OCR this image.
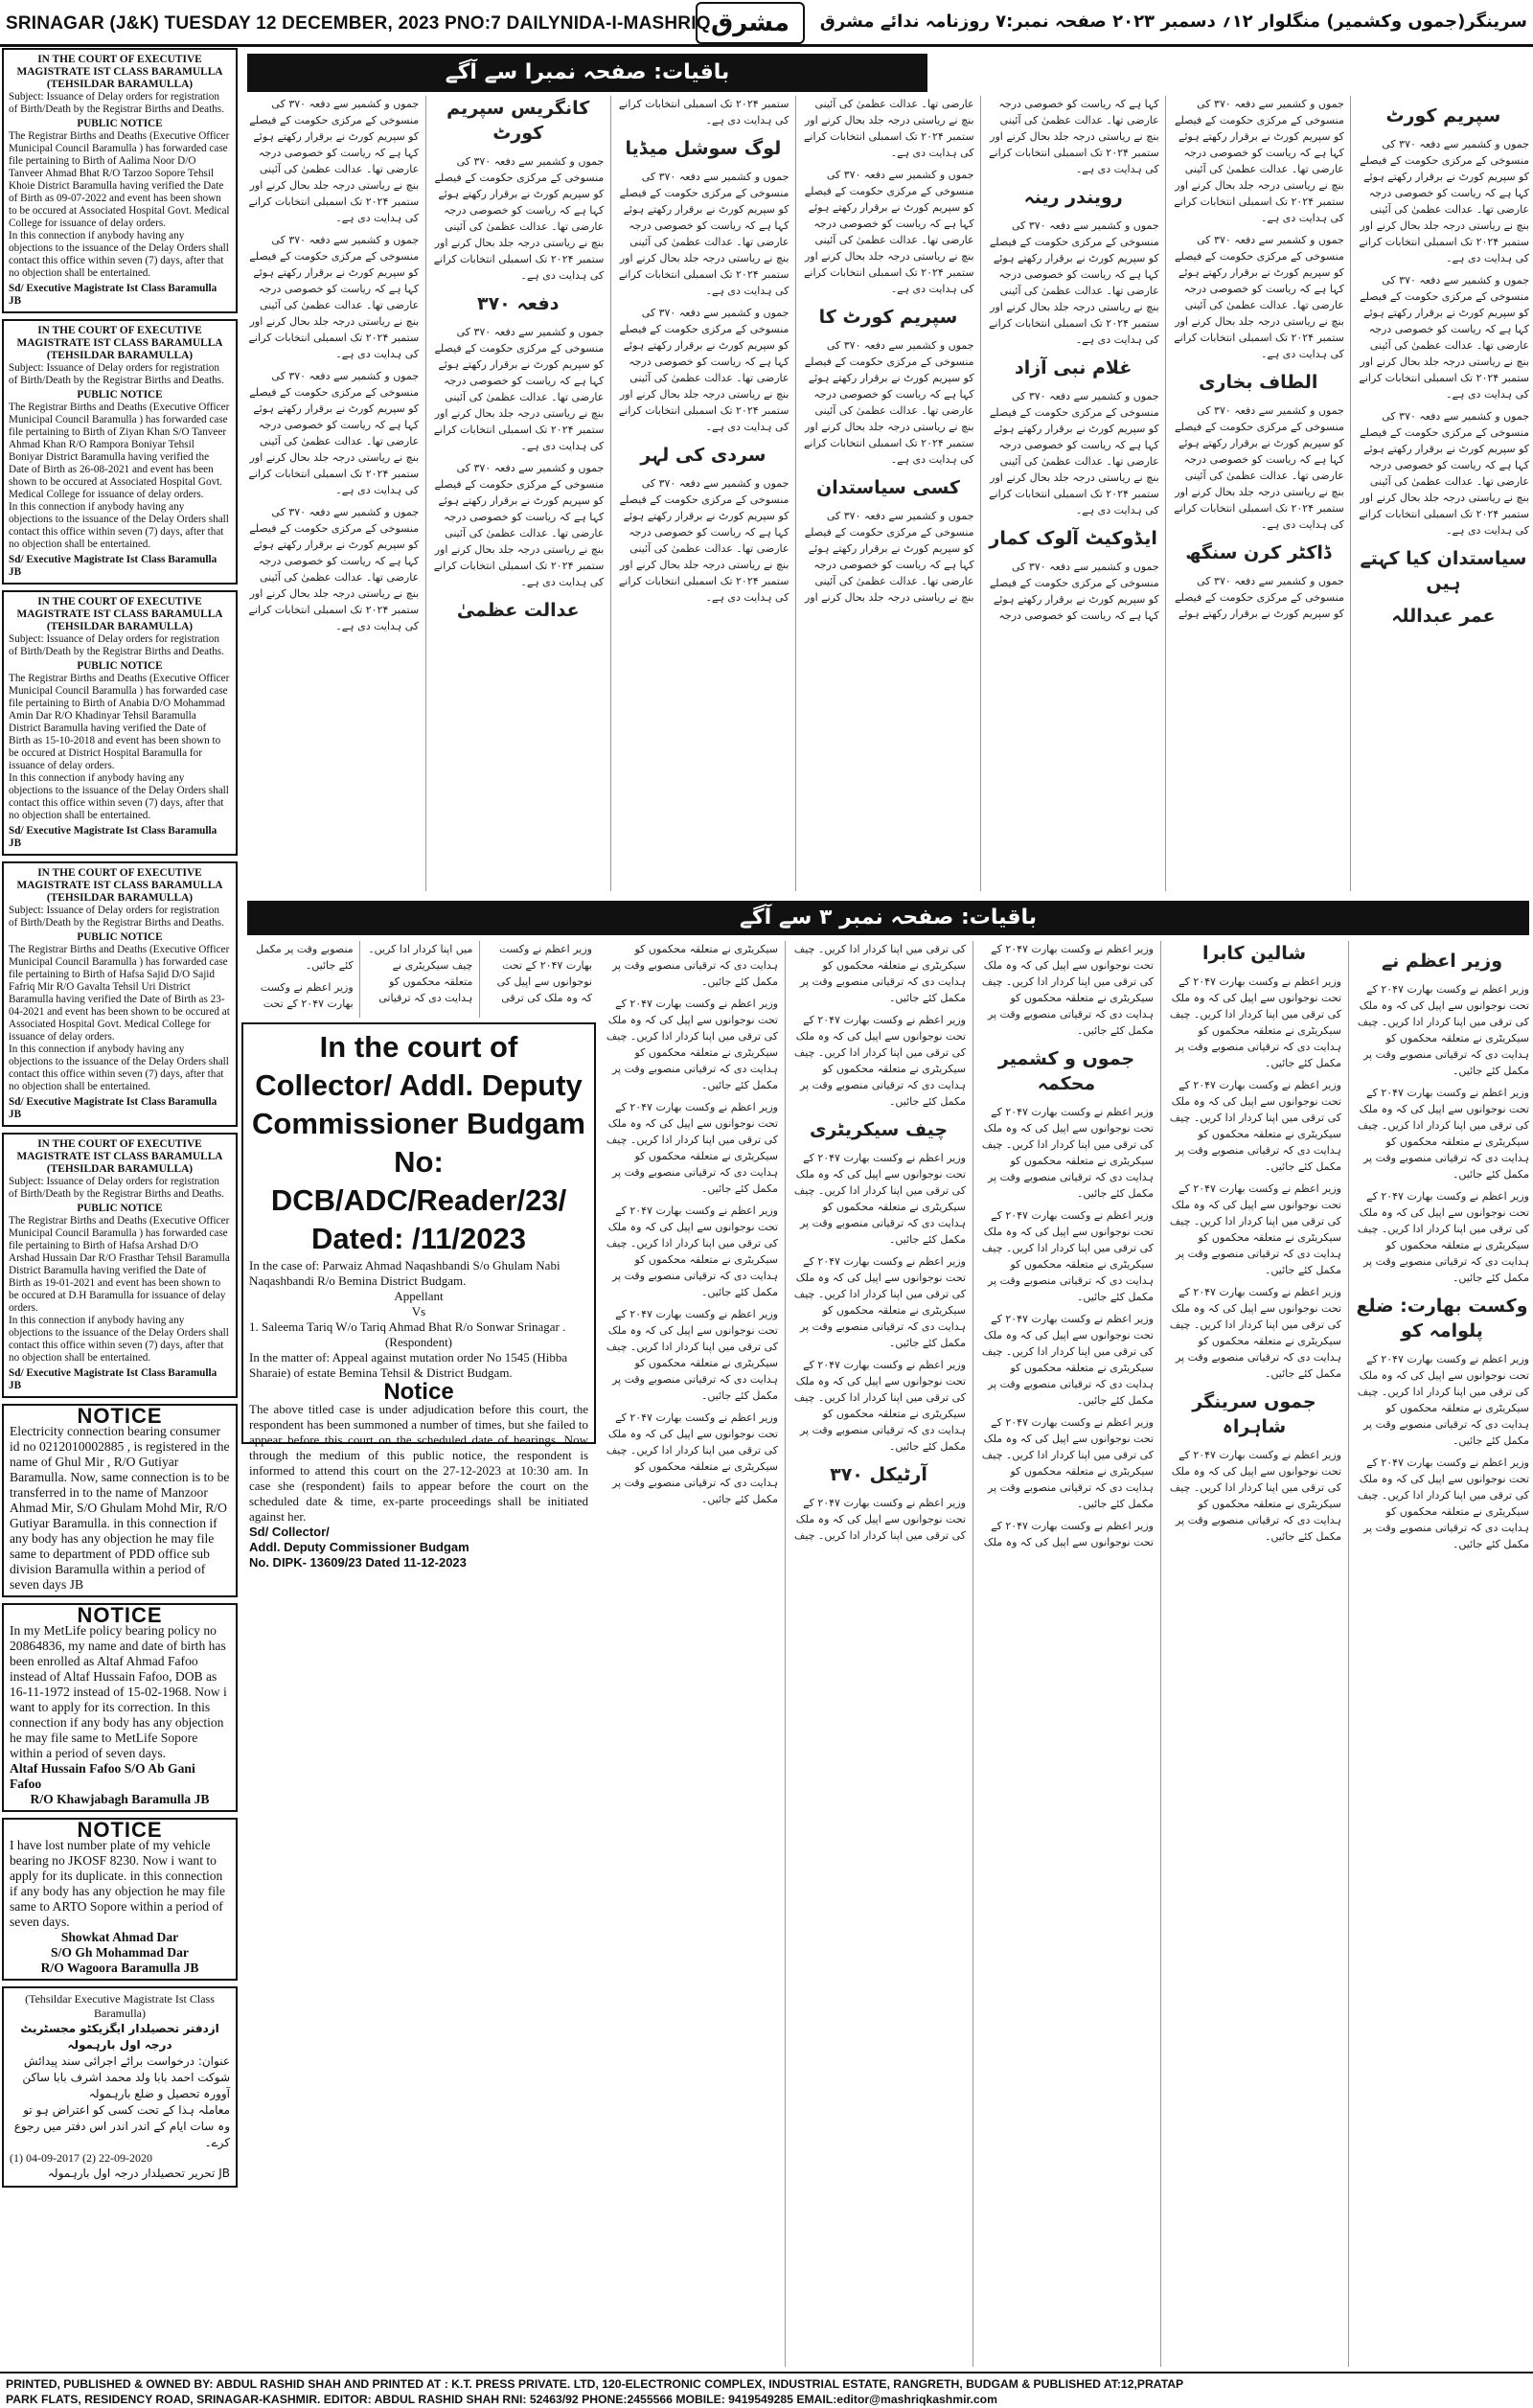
SRINAGAR (J&K) TUESDAY 12 DECEMBER, 2023 PNO:7 DAILYNIDA-I-MASHRIQ مشرق	سرینگر(جموں وکشمیر) منگلوار ۱۲؍ دسمبر ۲۰۲۳ صفحہ نمبر:۷ روزنامہ ندائے مشرق
IN THE COURT OF EXECUTIVE MAGISTRATE IST CLASS BARAMULLA (TEHSILDAR BARAMULLA)
Subject: Issuance of Delay orders for registration of Birth/Death by the Registrar Births and Deaths.
PUBLIC NOTICE
The Registrar Births and Deaths (Executive Officer Municipal Council Baramulla ) has forwarded case file pertaining to Birth of Aalima Noor D/O Tanveer Ahmad Bhat R/O Tarzoo Sopore Tehsil Khoie District Baramulla having verified the Date of Birth as 09-07-2022 and event has been shown to be occured at Associated Hospital Govt. Medical College for issuance of delay orders.
In this connection if anybody having any objections to the issuance of the Delay Orders shall contact this office within seven (7) days, after that no objection shall be entertained.
Sd/ Executive Magistrate Ist Class Baramulla JB
IN THE COURT OF EXECUTIVE MAGISTRATE IST CLASS BARAMULLA (TEHSILDAR BARAMULLA)
Subject: Issuance of Delay orders for registration of Birth/Death by the Registrar Births and Deaths.
PUBLIC NOTICE
The Registrar Births and Deaths (Executive Officer Municipal Council Baramulla ) has forwarded case file pertaining to Birth of Ziyan Khan S/O Tanveer Ahmad Khan R/O Rampora Boniyar Tehsil Boniyar District Baramulla having verified the Date of Birth as 26-08-2021 and event has been shown to be occured at Associated Hospital Govt. Medical College for issuance of delay orders.
In this connection if anybody having any objections to the issuance of the Delay Orders shall contact this office within seven (7) days, after that no objection shall be entertained.
Sd/ Executive Magistrate Ist Class Baramulla JB
IN THE COURT OF EXECUTIVE MAGISTRATE IST CLASS BARAMULLA (TEHSILDAR BARAMULLA)
Subject: Issuance of Delay orders for registration of Birth/Death by the Registrar Births and Deaths.
PUBLIC NOTICE
The Registrar Births and Deaths (Executive Officer Municipal Council Baramulla ) has forwarded case file pertaining to Birth of Anabia D/O Mohammad Amin Dar R/O Khadinyar Tehsil Baramulla District Baramulla having verified the Date of Birth as 15-10-2018 and event has been shown to be occured at District Hospital Baramulla for issuance of delay orders.
In this connection if anybody having any objections to the issuance of the Delay Orders shall contact this office within seven (7) days, after that no objection shall be entertained.
Sd/ Executive Magistrate Ist Class Baramulla JB
IN THE COURT OF EXECUTIVE MAGISTRATE IST CLASS BARAMULLA (TEHSILDAR BARAMULLA)
Subject: Issuance of Delay orders for registration of Birth/Death by the Registrar Births and Deaths.
PUBLIC NOTICE
The Registrar Births and Deaths (Executive Officer Municipal Council Baramulla ) has forwarded case file pertaining to Birth of Hafsa Sajid D/O Sajid Fafriq Mir R/O Gavalta Tehsil Uri District Baramulla having verified the Date of Birth as 23-04-2021 and event has been shown to be occured at Associated Hospital Govt. Medical College for issuance of delay orders.
In this connection if anybody having any objections to the issuance of the Delay Orders shall contact this office within seven (7) days, after that no objection shall be entertained.
Sd/ Executive Magistrate Ist Class Baramulla JB
IN THE COURT OF EXECUTIVE MAGISTRATE IST CLASS BARAMULLA (TEHSILDAR BARAMULLA)
Subject: Issuance of Delay orders for registration of Birth/Death by the Registrar Births and Deaths.
PUBLIC NOTICE
The Registrar Births and Deaths (Executive Officer Municipal Council Baramulla ) has forwarded case file pertaining to Birth of Hafsa Arshad D/O Arshad Hussain Dar R/O Frasthar Tehsil Baramulla District Baramulla having verified the Date of Birth as 19-01-2021 and event has been shown to be occured at D.H Baramulla for issuance of delay orders.
In this connection if anybody having any objections to the issuance of the Delay Orders shall contact this office within seven (7) days, after that no objection shall be entertained.
Sd/ Executive Magistrate Ist Class Baramulla JB
NOTICE
Electricity connection bearing consumer id no 0212010002885 , is registered in the name of Ghul Mir , R/O Gutiyar Baramulla. Now, same connection is to be transferred in to the name of Manzoor Ahmad Mir, S/O Ghulam Mohd Mir, R/O Gutiyar Baramulla. in this connection if any body has any objection he may file same to department of PDD office sub division Baramulla within a period of seven days JB
NOTICE
In my MetLife policy bearing policy no 20864836, my name and date of birth has been enrolled as Altaf Ahmad Fafoo instead of Altaf Hussain Fafoo, DOB as 16-11-1972 instead of 15-02-1968. Now i want to apply for its correction. In this connection if any body has any objection he may file same to MetLife Sopore within a period of seven days.
Altaf Hussain Fafoo S/O Ab Gani Fafoo
R/O Khawjabagh Baramulla JB
NOTICE
I have lost number plate of my vehicle bearing no JKOSF 8230. Now i want to apply for its duplicate. in this connection if any body has any objection he may file same to ARTO Sopore within a period of seven days.
Showkat Ahmad Dar
S/O Gh Mohammad Dar
R/O Wagoora Baramulla JB
(Tehsildar Executive Magistrate Ist Class Baramulla)
ازدفتر تحصیلدار ایگزیکٹو مجسٹریٹ درجہ اول بارہمولہ
عنوان: درخواست برائے اجرائی سند پیدائش شوکت احمد بابا ولد محمد اشرف بابا ساکن آوورہ تحصیل و ضلع بارہمولہ
معاملہ ہذا کے تحت کسی کو اعتراض ہو تو وہ سات ایام کے اندر اندر اس دفتر میں رجوع کرے۔
(1) 04-09-2017 (2) 22-09-2020
JB تحریر تحصیلدار درجہ اول بارہمولہ
باقیات: صفحہ نمبرا سے آگے
سپریم کورٹ

جموں و کشمیر سے دفعہ ۳۷۰ کی منسوخی کے مرکزی حکومت کے فیصلے کو سپریم کورٹ نے برقرار رکھتے ہوئے کہا ہے کہ ریاست کو خصوصی درجہ عارضی تھا۔ عدالت عظمیٰ کی آئینی بنچ نے ریاستی درجہ جلد بحال کرنے اور ستمبر ۲۰۲۴ تک اسمبلی انتخابات کرانے کی ہدایت دی ہے۔

جموں و کشمیر سے دفعہ ۳۷۰ کی منسوخی کے مرکزی حکومت کے فیصلے کو سپریم کورٹ نے برقرار رکھتے ہوئے کہا ہے کہ ریاست کو خصوصی درجہ عارضی تھا۔ عدالت عظمیٰ کی آئینی بنچ نے ریاستی درجہ جلد بحال کرنے اور ستمبر ۲۰۲۴ تک اسمبلی انتخابات کرانے کی ہدایت دی ہے۔

جموں و کشمیر سے دفعہ ۳۷۰ کی منسوخی کے مرکزی حکومت کے فیصلے کو سپریم کورٹ نے برقرار رکھتے ہوئے کہا ہے کہ ریاست کو خصوصی درجہ عارضی تھا۔ عدالت عظمیٰ کی آئینی بنچ نے ریاستی درجہ جلد بحال کرنے اور ستمبر ۲۰۲۴ تک اسمبلی انتخابات کرانے کی ہدایت دی ہے۔

سیاستدان کیا کہتے ہیں
عمر عبداللہ

جموں و کشمیر سے دفعہ ۳۷۰ کی منسوخی کے مرکزی حکومت کے فیصلے کو سپریم کورٹ نے برقرار رکھتے ہوئے کہا ہے کہ ریاست کو خصوصی درجہ عارضی تھا۔ عدالت عظمیٰ کی آئینی بنچ نے ریاستی درجہ جلد بحال کرنے اور ستمبر ۲۰۲۴ تک اسمبلی انتخابات کرانے کی ہدایت دی ہے۔

جموں و کشمیر سے دفعہ ۳۷۰ کی منسوخی کے مرکزی حکومت کے فیصلے کو سپریم کورٹ نے برقرار رکھتے ہوئے کہا ہے کہ ریاست کو خصوصی درجہ عارضی تھا۔ عدالت عظمیٰ کی آئینی بنچ نے ریاستی درجہ جلد بحال کرنے اور ستمبر ۲۰۲۴ تک اسمبلی انتخابات کرانے کی ہدایت دی ہے۔

الطاف بخاری

جموں و کشمیر سے دفعہ ۳۷۰ کی منسوخی کے مرکزی حکومت کے فیصلے کو سپریم کورٹ نے برقرار رکھتے ہوئے کہا ہے کہ ریاست کو خصوصی درجہ عارضی تھا۔ عدالت عظمیٰ کی آئینی بنچ نے ریاستی درجہ جلد بحال کرنے اور ستمبر ۲۰۲۴ تک اسمبلی انتخابات کرانے کی ہدایت دی ہے۔

ڈاکٹر کرن سنگھ

جموں و کشمیر سے دفعہ ۳۷۰ کی منسوخی کے مرکزی حکومت کے فیصلے کو سپریم کورٹ نے برقرار رکھتے ہوئے کہا ہے کہ ریاست کو خصوصی درجہ عارضی تھا۔ عدالت عظمیٰ کی آئینی بنچ نے ریاستی درجہ جلد بحال کرنے اور ستمبر ۲۰۲۴ تک اسمبلی انتخابات کرانے کی ہدایت دی ہے۔

رویندر رینہ

جموں و کشمیر سے دفعہ ۳۷۰ کی منسوخی کے مرکزی حکومت کے فیصلے کو سپریم کورٹ نے برقرار رکھتے ہوئے کہا ہے کہ ریاست کو خصوصی درجہ عارضی تھا۔ عدالت عظمیٰ کی آئینی بنچ نے ریاستی درجہ جلد بحال کرنے اور ستمبر ۲۰۲۴ تک اسمبلی انتخابات کرانے کی ہدایت دی ہے۔

غلام نبی آزاد

جموں و کشمیر سے دفعہ ۳۷۰ کی منسوخی کے مرکزی حکومت کے فیصلے کو سپریم کورٹ نے برقرار رکھتے ہوئے کہا ہے کہ ریاست کو خصوصی درجہ عارضی تھا۔ عدالت عظمیٰ کی آئینی بنچ نے ریاستی درجہ جلد بحال کرنے اور ستمبر ۲۰۲۴ تک اسمبلی انتخابات کرانے کی ہدایت دی ہے۔

ایڈوکیٹ آلوک کمار

جموں و کشمیر سے دفعہ ۳۷۰ کی منسوخی کے مرکزی حکومت کے فیصلے کو سپریم کورٹ نے برقرار رکھتے ہوئے کہا ہے کہ ریاست کو خصوصی درجہ عارضی تھا۔ عدالت عظمیٰ کی آئینی بنچ نے ریاستی درجہ جلد بحال کرنے اور ستمبر ۲۰۲۴ تک اسمبلی انتخابات کرانے کی ہدایت دی ہے۔

جموں و کشمیر سے دفعہ ۳۷۰ کی منسوخی کے مرکزی حکومت کے فیصلے کو سپریم کورٹ نے برقرار رکھتے ہوئے کہا ہے کہ ریاست کو خصوصی درجہ عارضی تھا۔ عدالت عظمیٰ کی آئینی بنچ نے ریاستی درجہ جلد بحال کرنے اور ستمبر ۲۰۲۴ تک اسمبلی انتخابات کرانے کی ہدایت دی ہے۔

سپریم کورٹ کا

جموں و کشمیر سے دفعہ ۳۷۰ کی منسوخی کے مرکزی حکومت کے فیصلے کو سپریم کورٹ نے برقرار رکھتے ہوئے کہا ہے کہ ریاست کو خصوصی درجہ عارضی تھا۔ عدالت عظمیٰ کی آئینی بنچ نے ریاستی درجہ جلد بحال کرنے اور ستمبر ۲۰۲۴ تک اسمبلی انتخابات کرانے کی ہدایت دی ہے۔

کسی سیاستدان

جموں و کشمیر سے دفعہ ۳۷۰ کی منسوخی کے مرکزی حکومت کے فیصلے کو سپریم کورٹ نے برقرار رکھتے ہوئے کہا ہے کہ ریاست کو خصوصی درجہ عارضی تھا۔ عدالت عظمیٰ کی آئینی بنچ نے ریاستی درجہ جلد بحال کرنے اور ستمبر ۲۰۲۴ تک اسمبلی انتخابات کرانے کی ہدایت دی ہے۔

لوگ سوشل میڈیا

جموں و کشمیر سے دفعہ ۳۷۰ کی منسوخی کے مرکزی حکومت کے فیصلے کو سپریم کورٹ نے برقرار رکھتے ہوئے کہا ہے کہ ریاست کو خصوصی درجہ عارضی تھا۔ عدالت عظمیٰ کی آئینی بنچ نے ریاستی درجہ جلد بحال کرنے اور ستمبر ۲۰۲۴ تک اسمبلی انتخابات کرانے کی ہدایت دی ہے۔

جموں و کشمیر سے دفعہ ۳۷۰ کی منسوخی کے مرکزی حکومت کے فیصلے کو سپریم کورٹ نے برقرار رکھتے ہوئے کہا ہے کہ ریاست کو خصوصی درجہ عارضی تھا۔ عدالت عظمیٰ کی آئینی بنچ نے ریاستی درجہ جلد بحال کرنے اور ستمبر ۲۰۲۴ تک اسمبلی انتخابات کرانے کی ہدایت دی ہے۔

سردی کی لہر

جموں و کشمیر سے دفعہ ۳۷۰ کی منسوخی کے مرکزی حکومت کے فیصلے کو سپریم کورٹ نے برقرار رکھتے ہوئے کہا ہے کہ ریاست کو خصوصی درجہ عارضی تھا۔ عدالت عظمیٰ کی آئینی بنچ نے ریاستی درجہ جلد بحال کرنے اور ستمبر ۲۰۲۴ تک اسمبلی انتخابات کرانے کی ہدایت دی ہے۔

کانگریس سپریم کورٹ

جموں و کشمیر سے دفعہ ۳۷۰ کی منسوخی کے مرکزی حکومت کے فیصلے کو سپریم کورٹ نے برقرار رکھتے ہوئے کہا ہے کہ ریاست کو خصوصی درجہ عارضی تھا۔ عدالت عظمیٰ کی آئینی بنچ نے ریاستی درجہ جلد بحال کرنے اور ستمبر ۲۰۲۴ تک اسمبلی انتخابات کرانے کی ہدایت دی ہے۔

دفعہ ۳۷۰

جموں و کشمیر سے دفعہ ۳۷۰ کی منسوخی کے مرکزی حکومت کے فیصلے کو سپریم کورٹ نے برقرار رکھتے ہوئے کہا ہے کہ ریاست کو خصوصی درجہ عارضی تھا۔ عدالت عظمیٰ کی آئینی بنچ نے ریاستی درجہ جلد بحال کرنے اور ستمبر ۲۰۲۴ تک اسمبلی انتخابات کرانے کی ہدایت دی ہے۔

جموں و کشمیر سے دفعہ ۳۷۰ کی منسوخی کے مرکزی حکومت کے فیصلے کو سپریم کورٹ نے برقرار رکھتے ہوئے کہا ہے کہ ریاست کو خصوصی درجہ عارضی تھا۔ عدالت عظمیٰ کی آئینی بنچ نے ریاستی درجہ جلد بحال کرنے اور ستمبر ۲۰۲۴ تک اسمبلی انتخابات کرانے کی ہدایت دی ہے۔

عدالت عظمیٰ

جموں و کشمیر سے دفعہ ۳۷۰ کی منسوخی کے مرکزی حکومت کے فیصلے کو سپریم کورٹ نے برقرار رکھتے ہوئے کہا ہے کہ ریاست کو خصوصی درجہ عارضی تھا۔ عدالت عظمیٰ کی آئینی بنچ نے ریاستی درجہ جلد بحال کرنے اور ستمبر ۲۰۲۴ تک اسمبلی انتخابات کرانے کی ہدایت دی ہے۔

جموں و کشمیر سے دفعہ ۳۷۰ کی منسوخی کے مرکزی حکومت کے فیصلے کو سپریم کورٹ نے برقرار رکھتے ہوئے کہا ہے کہ ریاست کو خصوصی درجہ عارضی تھا۔ عدالت عظمیٰ کی آئینی بنچ نے ریاستی درجہ جلد بحال کرنے اور ستمبر ۲۰۲۴ تک اسمبلی انتخابات کرانے کی ہدایت دی ہے۔

جموں و کشمیر سے دفعہ ۳۷۰ کی منسوخی کے مرکزی حکومت کے فیصلے کو سپریم کورٹ نے برقرار رکھتے ہوئے کہا ہے کہ ریاست کو خصوصی درجہ عارضی تھا۔ عدالت عظمیٰ کی آئینی بنچ نے ریاستی درجہ جلد بحال کرنے اور ستمبر ۲۰۲۴ تک اسمبلی انتخابات کرانے کی ہدایت دی ہے۔

جموں و کشمیر سے دفعہ ۳۷۰ کی منسوخی کے مرکزی حکومت کے فیصلے کو سپریم کورٹ نے برقرار رکھتے ہوئے کہا ہے کہ ریاست کو خصوصی درجہ عارضی تھا۔ عدالت عظمیٰ کی آئینی بنچ نے ریاستی درجہ جلد بحال کرنے اور ستمبر ۲۰۲۴ تک اسمبلی انتخابات کرانے کی ہدایت دی ہے۔

باقیات: صفحہ نمبر ۳ سے آگے

وزیر اعظم نے وکست بھارت ۲۰۴۷ کے تحت نوجوانوں سے اپیل کی کہ وہ ملک کی ترقی میں اپنا کردار ادا کریں۔ چیف سیکریٹری نے متعلقہ محکموں کو ہدایت دی کہ ترقیاتی منصوبے وقت پر مکمل کئے جائیں۔

وزیر اعظم نے وکست بھارت ۲۰۴۷ کے تحت

وزیر اعظم نے

وزیر اعظم نے وکست بھارت ۲۰۴۷ کے تحت نوجوانوں سے اپیل کی کہ وہ ملک کی ترقی میں اپنا کردار ادا کریں۔ چیف سیکریٹری نے متعلقہ محکموں کو ہدایت دی کہ ترقیاتی منصوبے وقت پر مکمل کئے جائیں۔

وزیر اعظم نے وکست بھارت ۲۰۴۷ کے تحت نوجوانوں سے اپیل کی کہ وہ ملک کی ترقی میں اپنا کردار ادا کریں۔ چیف سیکریٹری نے متعلقہ محکموں کو ہدایت دی کہ ترقیاتی منصوبے وقت پر مکمل کئے جائیں۔

وزیر اعظم نے وکست بھارت ۲۰۴۷ کے تحت نوجوانوں سے اپیل کی کہ وہ ملک کی ترقی میں اپنا کردار ادا کریں۔ چیف سیکریٹری نے متعلقہ محکموں کو ہدایت دی کہ ترقیاتی منصوبے وقت پر مکمل کئے جائیں۔

وکست بھارت: ضلع پلوامہ کو

وزیر اعظم نے وکست بھارت ۲۰۴۷ کے تحت نوجوانوں سے اپیل کی کہ وہ ملک کی ترقی میں اپنا کردار ادا کریں۔ چیف سیکریٹری نے متعلقہ محکموں کو ہدایت دی کہ ترقیاتی منصوبے وقت پر مکمل کئے جائیں۔

وزیر اعظم نے وکست بھارت ۲۰۴۷ کے تحت نوجوانوں سے اپیل کی کہ وہ ملک کی ترقی میں اپنا کردار ادا کریں۔ چیف سیکریٹری نے متعلقہ محکموں کو ہدایت دی کہ ترقیاتی منصوبے وقت پر مکمل کئے جائیں۔

شالین کابرا

وزیر اعظم نے وکست بھارت ۲۰۴۷ کے تحت نوجوانوں سے اپیل کی کہ وہ ملک کی ترقی میں اپنا کردار ادا کریں۔ چیف سیکریٹری نے متعلقہ محکموں کو ہدایت دی کہ ترقیاتی منصوبے وقت پر مکمل کئے جائیں۔

وزیر اعظم نے وکست بھارت ۲۰۴۷ کے تحت نوجوانوں سے اپیل کی کہ وہ ملک کی ترقی میں اپنا کردار ادا کریں۔ چیف سیکریٹری نے متعلقہ محکموں کو ہدایت دی کہ ترقیاتی منصوبے وقت پر مکمل کئے جائیں۔

وزیر اعظم نے وکست بھارت ۲۰۴۷ کے تحت نوجوانوں سے اپیل کی کہ وہ ملک کی ترقی میں اپنا کردار ادا کریں۔ چیف سیکریٹری نے متعلقہ محکموں کو ہدایت دی کہ ترقیاتی منصوبے وقت پر مکمل کئے جائیں۔

وزیر اعظم نے وکست بھارت ۲۰۴۷ کے تحت نوجوانوں سے اپیل کی کہ وہ ملک کی ترقی میں اپنا کردار ادا کریں۔ چیف سیکریٹری نے متعلقہ محکموں کو ہدایت دی کہ ترقیاتی منصوبے وقت پر مکمل کئے جائیں۔

جموں سرینگر شاہراہ

وزیر اعظم نے وکست بھارت ۲۰۴۷ کے تحت نوجوانوں سے اپیل کی کہ وہ ملک کی ترقی میں اپنا کردار ادا کریں۔ چیف سیکریٹری نے متعلقہ محکموں کو ہدایت دی کہ ترقیاتی منصوبے وقت پر مکمل کئے جائیں۔

وزیر اعظم نے وکست بھارت ۲۰۴۷ کے تحت نوجوانوں سے اپیل کی کہ وہ ملک کی ترقی میں اپنا کردار ادا کریں۔ چیف سیکریٹری نے متعلقہ محکموں کو ہدایت دی کہ ترقیاتی منصوبے وقت پر مکمل کئے جائیں۔

جموں و کشمیر محکمہ

وزیر اعظم نے وکست بھارت ۲۰۴۷ کے تحت نوجوانوں سے اپیل کی کہ وہ ملک کی ترقی میں اپنا کردار ادا کریں۔ چیف سیکریٹری نے متعلقہ محکموں کو ہدایت دی کہ ترقیاتی منصوبے وقت پر مکمل کئے جائیں۔

وزیر اعظم نے وکست بھارت ۲۰۴۷ کے تحت نوجوانوں سے اپیل کی کہ وہ ملک کی ترقی میں اپنا کردار ادا کریں۔ چیف سیکریٹری نے متعلقہ محکموں کو ہدایت دی کہ ترقیاتی منصوبے وقت پر مکمل کئے جائیں۔

وزیر اعظم نے وکست بھارت ۲۰۴۷ کے تحت نوجوانوں سے اپیل کی کہ وہ ملک کی ترقی میں اپنا کردار ادا کریں۔ چیف سیکریٹری نے متعلقہ محکموں کو ہدایت دی کہ ترقیاتی منصوبے وقت پر مکمل کئے جائیں۔

وزیر اعظم نے وکست بھارت ۲۰۴۷ کے تحت نوجوانوں سے اپیل کی کہ وہ ملک کی ترقی میں اپنا کردار ادا کریں۔ چیف سیکریٹری نے متعلقہ محکموں کو ہدایت دی کہ ترقیاتی منصوبے وقت پر مکمل کئے جائیں۔

وزیر اعظم نے وکست بھارت ۲۰۴۷ کے تحت نوجوانوں سے اپیل کی کہ وہ ملک کی ترقی میں اپنا کردار ادا کریں۔ چیف سیکریٹری نے متعلقہ محکموں کو ہدایت دی کہ ترقیاتی منصوبے وقت پر مکمل کئے جائیں۔

وزیر اعظم نے وکست بھارت ۲۰۴۷ کے تحت نوجوانوں سے اپیل کی کہ وہ ملک کی ترقی میں اپنا کردار ادا کریں۔ چیف سیکریٹری نے متعلقہ محکموں کو ہدایت دی کہ ترقیاتی منصوبے وقت پر مکمل کئے جائیں۔

چیف سیکریٹری

وزیر اعظم نے وکست بھارت ۲۰۴۷ کے تحت نوجوانوں سے اپیل کی کہ وہ ملک کی ترقی میں اپنا کردار ادا کریں۔ چیف سیکریٹری نے متعلقہ محکموں کو ہدایت دی کہ ترقیاتی منصوبے وقت پر مکمل کئے جائیں۔

وزیر اعظم نے وکست بھارت ۲۰۴۷ کے تحت نوجوانوں سے اپیل کی کہ وہ ملک کی ترقی میں اپنا کردار ادا کریں۔ چیف سیکریٹری نے متعلقہ محکموں کو ہدایت دی کہ ترقیاتی منصوبے وقت پر مکمل کئے جائیں۔

وزیر اعظم نے وکست بھارت ۲۰۴۷ کے تحت نوجوانوں سے اپیل کی کہ وہ ملک کی ترقی میں اپنا کردار ادا کریں۔ چیف سیکریٹری نے متعلقہ محکموں کو ہدایت دی کہ ترقیاتی منصوبے وقت پر مکمل کئے جائیں۔

آرٹیکل ۳۷۰

وزیر اعظم نے وکست بھارت ۲۰۴۷ کے تحت نوجوانوں سے اپیل کی کہ وہ ملک کی ترقی میں اپنا کردار ادا کریں۔ چیف سیکریٹری نے متعلقہ محکموں کو ہدایت دی کہ ترقیاتی منصوبے وقت پر مکمل کئے جائیں۔

وزیر اعظم نے وکست بھارت ۲۰۴۷ کے تحت نوجوانوں سے اپیل کی کہ وہ ملک کی ترقی میں اپنا کردار ادا کریں۔ چیف سیکریٹری نے متعلقہ محکموں کو ہدایت دی کہ ترقیاتی منصوبے وقت پر مکمل کئے جائیں۔

وزیر اعظم نے وکست بھارت ۲۰۴۷ کے تحت نوجوانوں سے اپیل کی کہ وہ ملک کی ترقی میں اپنا کردار ادا کریں۔ چیف سیکریٹری نے متعلقہ محکموں کو ہدایت دی کہ ترقیاتی منصوبے وقت پر مکمل کئے جائیں۔

وزیر اعظم نے وکست بھارت ۲۰۴۷ کے تحت نوجوانوں سے اپیل کی کہ وہ ملک کی ترقی میں اپنا کردار ادا کریں۔ چیف سیکریٹری نے متعلقہ محکموں کو ہدایت دی کہ ترقیاتی منصوبے وقت پر مکمل کئے جائیں۔

وزیر اعظم نے وکست بھارت ۲۰۴۷ کے تحت نوجوانوں سے اپیل کی کہ وہ ملک کی ترقی میں اپنا کردار ادا کریں۔ چیف سیکریٹری نے متعلقہ محکموں کو ہدایت دی کہ ترقیاتی منصوبے وقت پر مکمل کئے جائیں۔

وزیر اعظم نے وکست بھارت ۲۰۴۷ کے تحت نوجوانوں سے اپیل کی کہ وہ ملک کی ترقی میں اپنا کردار ادا کریں۔ چیف سیکریٹری نے متعلقہ محکموں کو ہدایت دی کہ ترقیاتی منصوبے وقت پر مکمل کئے جائیں۔

In the court of
Collector/ Addl. Deputy
Commissioner Budgam
No: DCB/ADC/Reader/23/
Dated: /11/2023
In the case of: Parwaiz Ahmad Naqashbandi S/o Ghulam Nabi Naqashbandi R/o Bemina District Budgam.
Appellant
Vs
1. Saleema Tariq W/o Tariq Ahmad Bhat R/o Sonwar Srinagar .
(Respondent)
In the matter of: Appeal against mutation order No 1545 (Hibba Sharaie) of estate Bemina Tehsil & District Budgam.
Notice
The above titled case is under adjudication before this court, the respondent has been summoned a number of times, but she failed to appear before this court on the scheduled date of hearings. Now through the medium of this public notice, the respondent is informed to attend this court on the 27-12-2023 at 10:30 am. In case she (respondent) fails to appear before the court on the scheduled date & time, ex-parte proceedings shall be initiated against her.
Sd/ Collector/
Addl. Deputy Commissioner Budgam
No. DIPK- 13609/23 Dated 11-12-2023
PRINTED, PUBLISHED & OWNED BY: ABDUL RASHID SHAH AND PRINTED AT : K.T. PRESS PRIVATE. LTD, 120-ELECTRONIC COMPLEX, INDUSTRIAL ESTATE, RANGRETH, BUDGAM & PUBLISHED AT:12,PRATAP
PARK FLATS, RESIDENCY ROAD, SRINAGAR-KASHMIR. EDITOR: ABDUL RASHID SHAH RNI: 52463/92 PHONE:2455566 MOBILE: 9419549285 EMAIL:editor@mashriqkashmir.com
